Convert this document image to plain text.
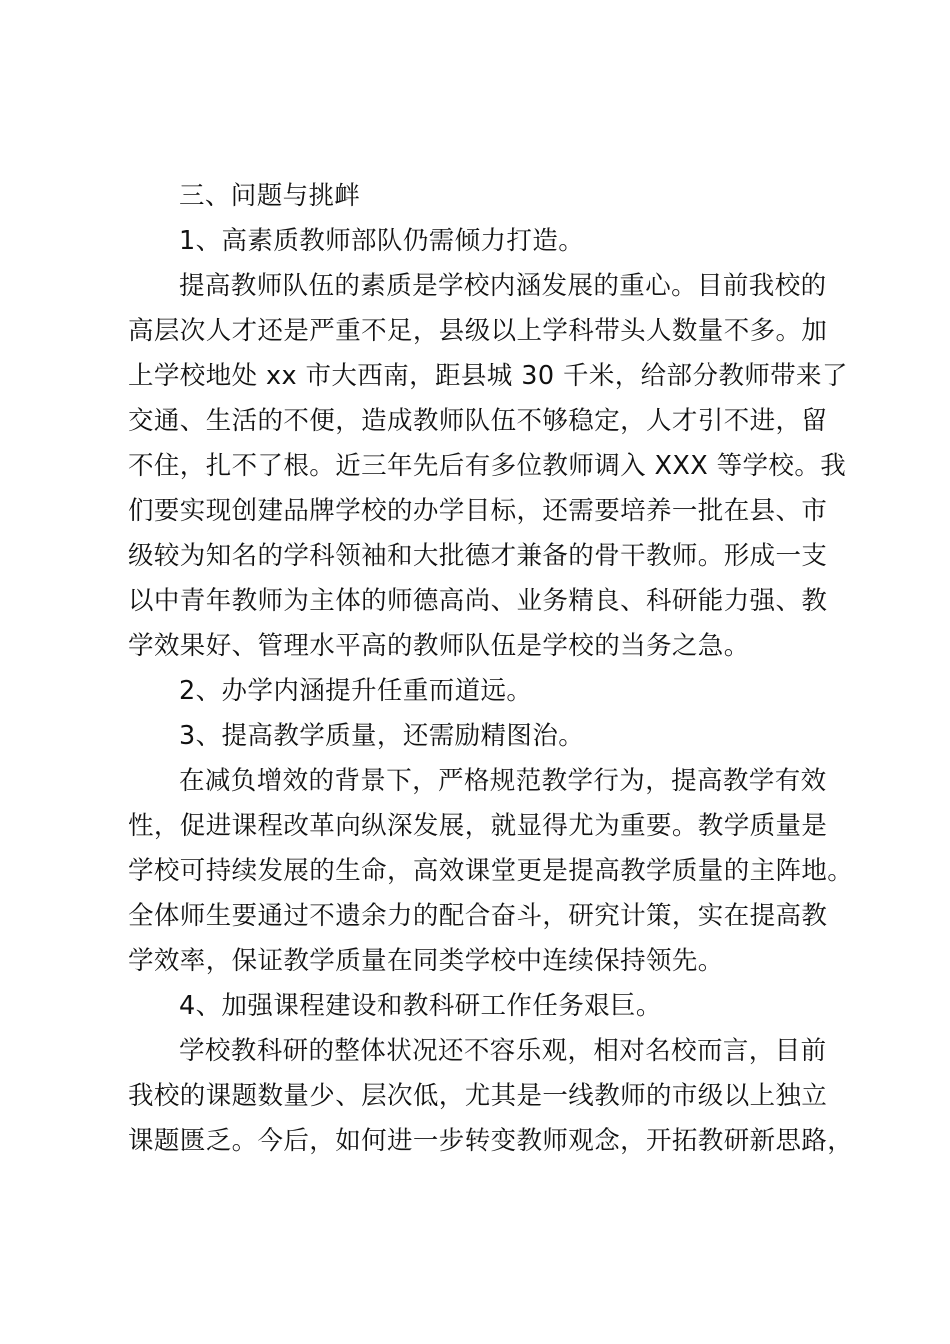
三、问题与挑衅

1、高素质教师部队仍需倾力打造。

提高教师队伍的素质是学校内涵发展的重心。目前我校的
高层次人才还是严重不足，县级以上学科带头人数量不多。加
上学校地处 xx 市大西南，距县城 30 千米，给部分教师带来了
交通、生活的不便，造成教师队伍不够稳定，人才引不进，留
不住，扎不了根。近三年先后有多位教师调入 XXX 等学校。我
们要实现创建品牌学校的办学目标，还需要培养一批在县、市
级较为知名的学科领袖和大批德才兼备的骨干教师。形成一支
以中青年教师为主体的师德高尚、业务精良、科研能力强、教
学效果好、管理水平高的教师队伍是学校的当务之急。

2、办学内涵提升任重而道远。

3、提高教学质量，还需励精图治。

在减负增效的背景下，严格规范教学行为，提高教学有效
性，促进课程改革向纵深发展，就显得尤为重要。教学质量是
学校可持续发展的生命，高效课堂更是提高教学质量的主阵地。
全体师生要通过不遗余力的配合奋斗，研究计策，实在提高教
学效率，保证教学质量在同类学校中连续保持领先。

4、加强课程建设和教科研工作任务艰巨。

学校教科研的整体状况还不容乐观，相对名校而言，目前
我校的课题数量少、层次低，尤其是一线教师的市级以上独立
课题匮乏。今后，如何进一步转变教师观念，开拓教研新思路，
